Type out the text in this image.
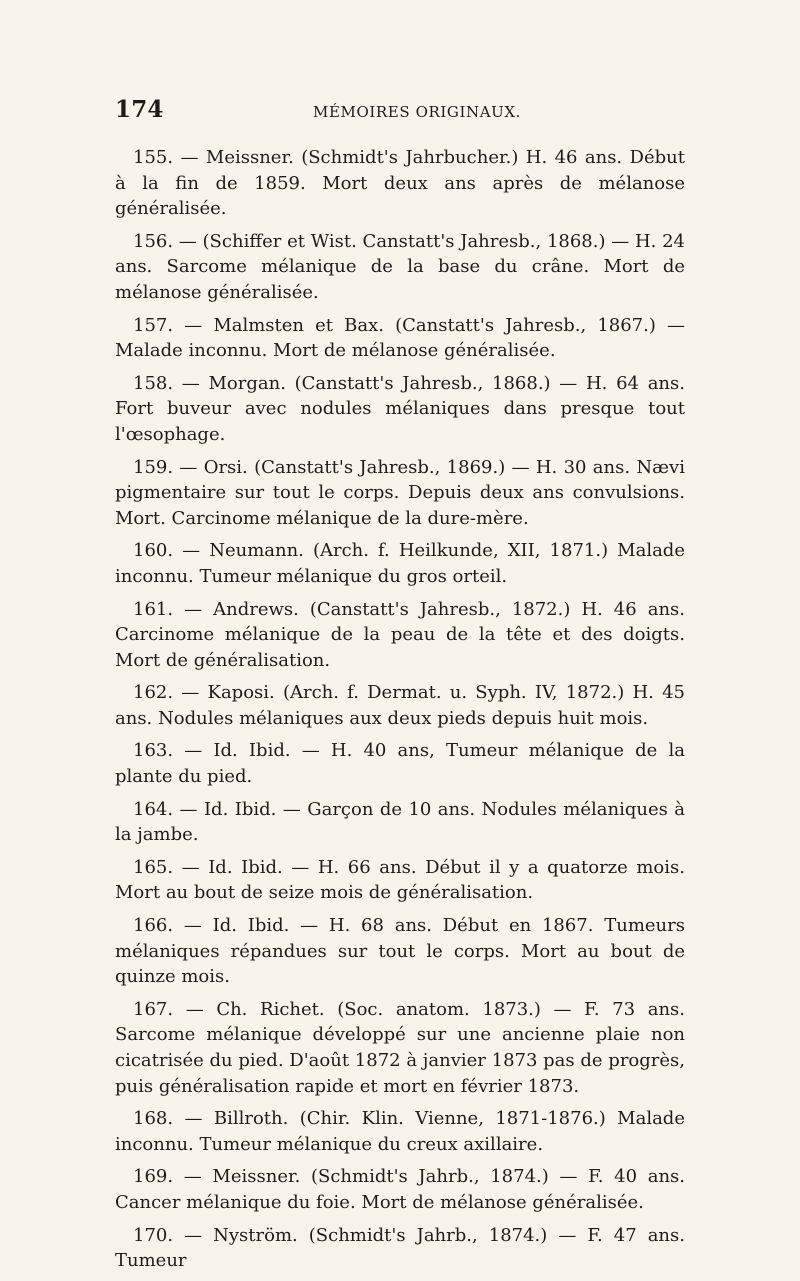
174	MÉMOIRES ORIGINAUX.

155. — Meissner. (Schmidt's Jahrbucher.) H. 46 ans. Début à la fin de 1859. Mort deux ans après de mélanose généralisée.

156. — (Schiffer et Wist. Canstatt's Jahresb., 1868.) — H. 24 ans. Sarcome mélanique de la base du crâne. Mort de mélanose généralisée.

157. — Malmsten et Bax. (Canstatt's Jahresb., 1867.) — Malade inconnu. Mort de mélanose généralisée.

158. — Morgan. (Canstatt's Jahresb., 1868.) — H. 64 ans. Fort buveur avec nodules mélaniques dans presque tout l'œsophage.

159. — Orsi. (Canstatt's Jahresb., 1869.) — H. 30 ans. Nævi pigmentaire sur tout le corps. Depuis deux ans convulsions. Mort. Carcinome mélanique de la dure-mère.

160. — Neumann. (Arch. f. Heilkunde, XII, 1871.) Malade inconnu. Tumeur mélanique du gros orteil.

161. — Andrews. (Canstatt's Jahresb., 1872.) H. 46 ans. Carcinome mélanique de la peau de la tête et des doigts. Mort de généralisation.

162. — Kaposi. (Arch. f. Dermat. u. Syph. IV, 1872.) H. 45 ans. Nodules mélaniques aux deux pieds depuis huit mois.

163. — Id. Ibid. — H. 40 ans, Tumeur mélanique de la plante du pied.

164. — Id. Ibid. — Garçon de 10 ans. Nodules mélaniques à la jambe.

165. — Id. Ibid. — H. 66 ans. Début il y a quatorze mois. Mort au bout de seize mois de généralisation.

166. — Id. Ibid. — H. 68 ans. Début en 1867. Tumeurs mélaniques répandues sur tout le corps. Mort au bout de quinze mois.

167. — Ch. Richet. (Soc. anatom. 1873.) — F. 73 ans. Sarcome mélanique développé sur une ancienne plaie non cicatrisée du pied. D'août 1872 à janvier 1873 pas de progrès, puis généralisation rapide et mort en février 1873.

168. — Billroth. (Chir. Klin. Vienne, 1871-1876.) Malade inconnu. Tumeur mélanique du creux axillaire.

169. — Meissner. (Schmidt's Jahrb., 1874.) — F. 40 ans. Cancer mélanique du foie. Mort de mélanose généralisée.

170. — Nyström. (Schmidt's Jahrb., 1874.) — F. 47 ans. Tumeur
